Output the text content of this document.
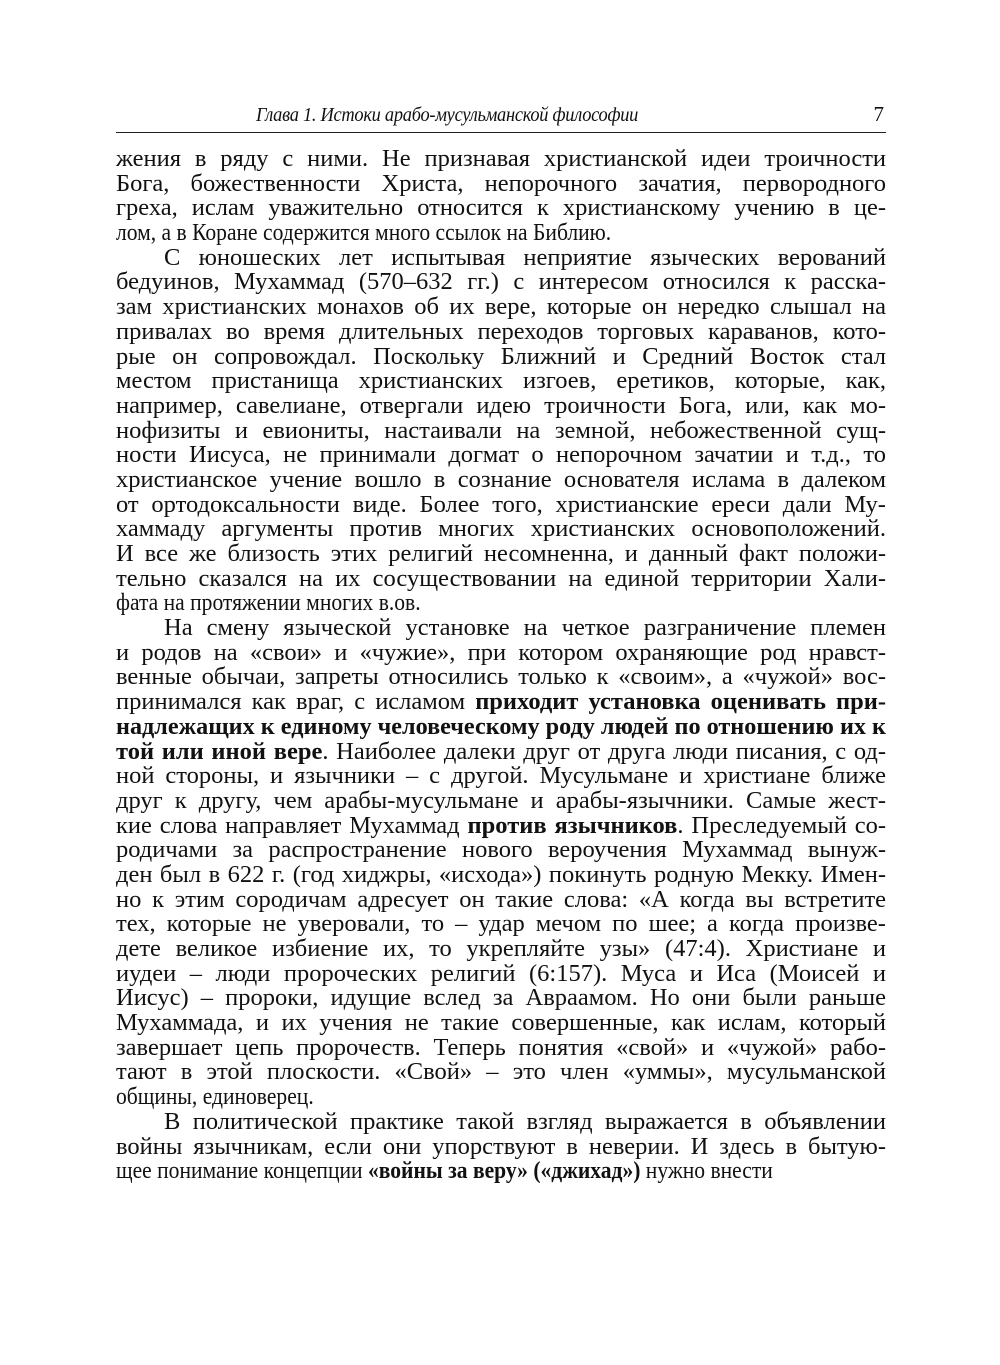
Глава 1. Истоки арабо-мусульманской философии	7
жения в ряду с ними. Не признавая христианской идеи троичности
Бога, божественности Христа, непорочного зачатия, первородного
греха, ислам уважительно относится к христианскому учению в це-
лом, а в Коране содержится много ссылок на Библию.
С юношеских лет испытывая неприятие языческих верований
бедуинов, Мухаммад (570–632 гг.) с интересом относился к расска-
зам христианских монахов об их вере, которые он нередко слышал на
привалах во время длительных переходов торговых караванов, кото-
рые он сопровождал. Поскольку Ближний и Средний Восток стал
местом пристанища христианских изгоев, еретиков, которые, как,
например, савелиане, отвергали идею троичности Бога, или, как мо-
нофизиты и евиониты, настаивали на земной, небожественной сущ-
ности Иисуса, не принимали догмат о непорочном зачатии и т.д., то
христианское учение вошло в сознание основателя ислама в далеком
от ортодоксальности виде. Более того, христианские ереси дали Му-
хаммаду аргументы против многих христианских основоположений.
И все же близость этих религий несомненна, и данный факт положи-
тельно сказался на их сосуществовании на единой территории Хали-
фата на протяжении многих в.ов.
На смену языческой установке на четкое разграничение племен
и родов на «свои» и «чужие», при котором охраняющие род нравст-
венные обычаи, запреты относились только к «своим», а «чужой» вос-
принимался как враг, с исламом приходит установка оценивать при-
надлежащих к единому человеческому роду людей по отношению их к
той или иной вере. Наиболее далеки друг от друга люди писания, с од-
ной стороны, и язычники – с другой. Мусульмане и христиане ближе
друг к другу, чем арабы-мусульмане и арабы-язычники. Самые жест-
кие слова направляет Мухаммад против язычников. Преследуемый со-
родичами за распространение нового вероучения Мухаммад вынуж-
ден был в 622 г. (год хиджры, «исхода») покинуть родную Мекку. Имен-
но к этим сородичам адресует он такие слова: «А когда вы встретите
тех, которые не уверовали, то – удар мечом по шее; а когда произве-
дете великое избиение их, то укрепляйте узы» (47:4). Христиане и
иудеи – люди пророческих религий (6:157). Муса и Иса (Моисей и
Иисус) – пророки, идущие вслед за Авраамом. Но они были раньше
Мухаммада, и их учения не такие совершенные, как ислам, который
завершает цепь пророчеств. Теперь понятия «свой» и «чужой» рабо-
тают в этой плоскости. «Свой» – это член «уммы», мусульманской
общины, единоверец.
В политической практике такой взгляд выражается в объявлении
войны язычникам, если они упорствуют в неверии. И здесь в бытую-
щее понимание концепции «войны за веру» («джихад») нужно внести
